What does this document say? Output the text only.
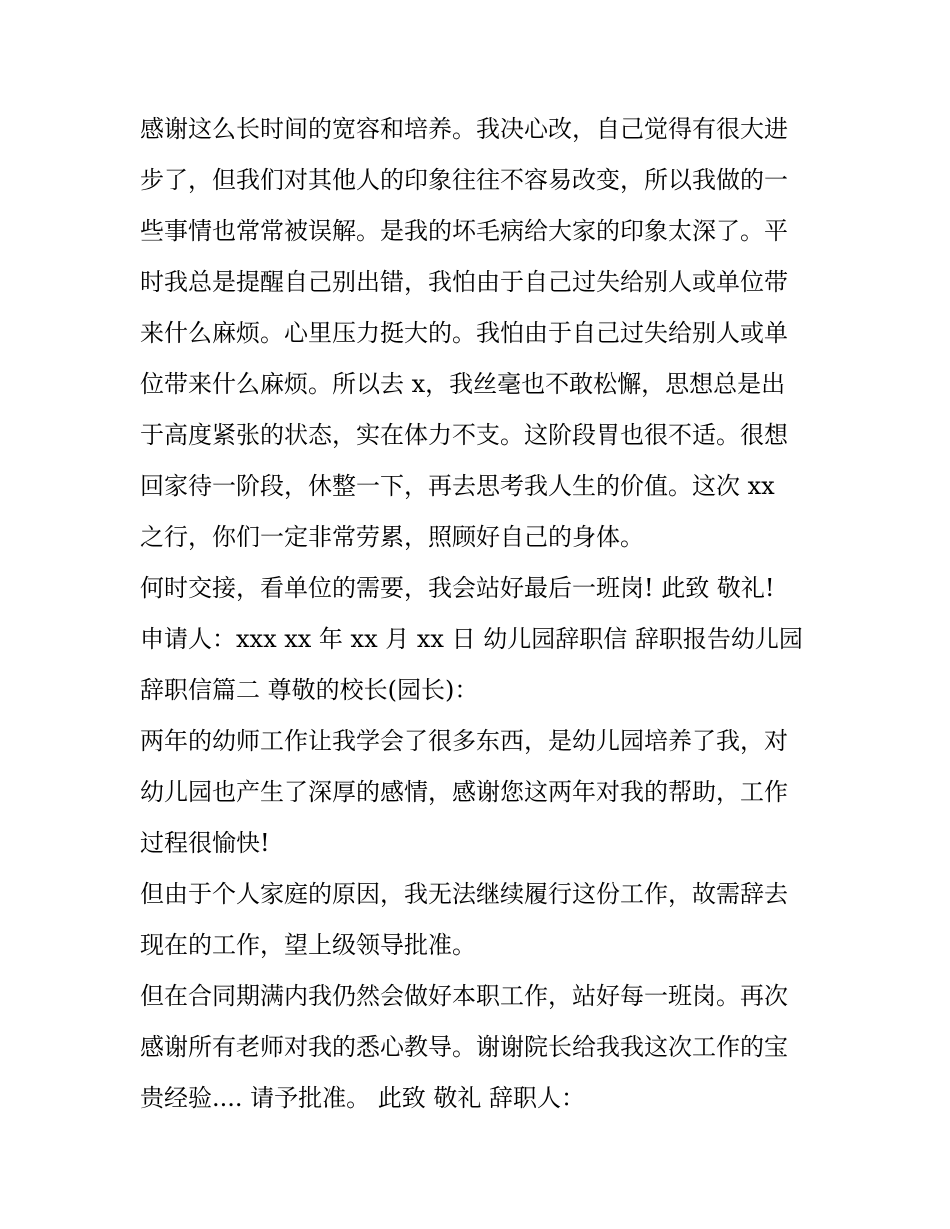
感谢这么长时间的宽容和培养。我决心改，自己觉得有很大进
步了，但我们对其他人的印象往往不容易改变，所以我做的一
些事情也常常被误解。是我的坏毛病给大家的印象太深了。平
时我总是提醒自己别出错，我怕由于自己过失给别人或单位带
来什么麻烦。心里压力挺大的。我怕由于自己过失给别人或单
位带来什么麻烦。所以去 x，我丝毫也不敢松懈，思想总是出
于高度紧张的状态，实在体力不支。这阶段胃也很不适。很想
回家待一阶段，休整一下，再去思考我人生的价值。这次 xx
之行，你们一定非常劳累，照顾好自己的身体。
何时交接，看单位的需要，我会站好最后一班岗! 此致 敬礼!
申请人：xxx xx 年 xx 月 xx 日 幼儿园辞职信 辞职报告幼儿园
辞职信篇二 尊敬的校长(园长)：
两年的幼师工作让我学会了很多东西，是幼儿园培养了我，对
幼儿园也产生了深厚的感情，感谢您这两年对我的帮助，工作
过程很愉快!
但由于个人家庭的原因，我无法继续履行这份工作，故需辞去
现在的工作，望上级领导批准。
但在合同期满内我仍然会做好本职工作，站好每一班岗。再次
感谢所有老师对我的悉心教导。谢谢院长给我我这次工作的宝
贵经验.... 请予批准。 此致 敬礼 辞职人：
